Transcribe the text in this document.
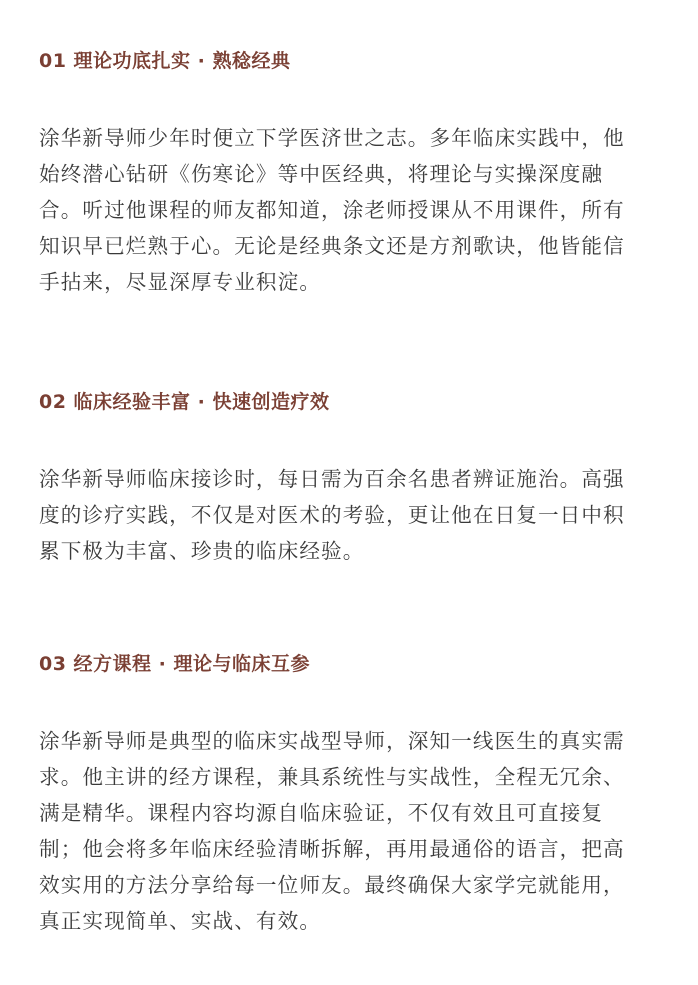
01 理论功底扎实 · 熟稔经典
涂华新导师少年时便立下学医济世之志。多年临床实践中，他
始终潜心钻研《伤寒论》等中医经典，将理论与实操深度融
合。听过他课程的师友都知道，涂老师授课从不用课件，所有
知识早已烂熟于心。无论是经典条文还是方剂歌诀，他皆能信
手拈来，尽显深厚专业积淀。
02 临床经验丰富 · 快速创造疗效
涂华新导师临床接诊时，每日需为百余名患者辨证施治。高强
度的诊疗实践，不仅是对医术的考验，更让他在日复一日中积
累下极为丰富、珍贵的临床经验。
03 经方课程 · 理论与临床互参
涂华新导师是典型的临床实战型导师，深知一线医生的真实需
求。他主讲的经方课程，兼具系统性与实战性，全程无冗余、
满是精华。课程内容均源自临床验证，不仅有效且可直接复
制；他会将多年临床经验清晰拆解，再用最通俗的语言，把高
效实用的方法分享给每一位师友。最终确保大家学完就能用，
真正实现简单、实战、有效。
